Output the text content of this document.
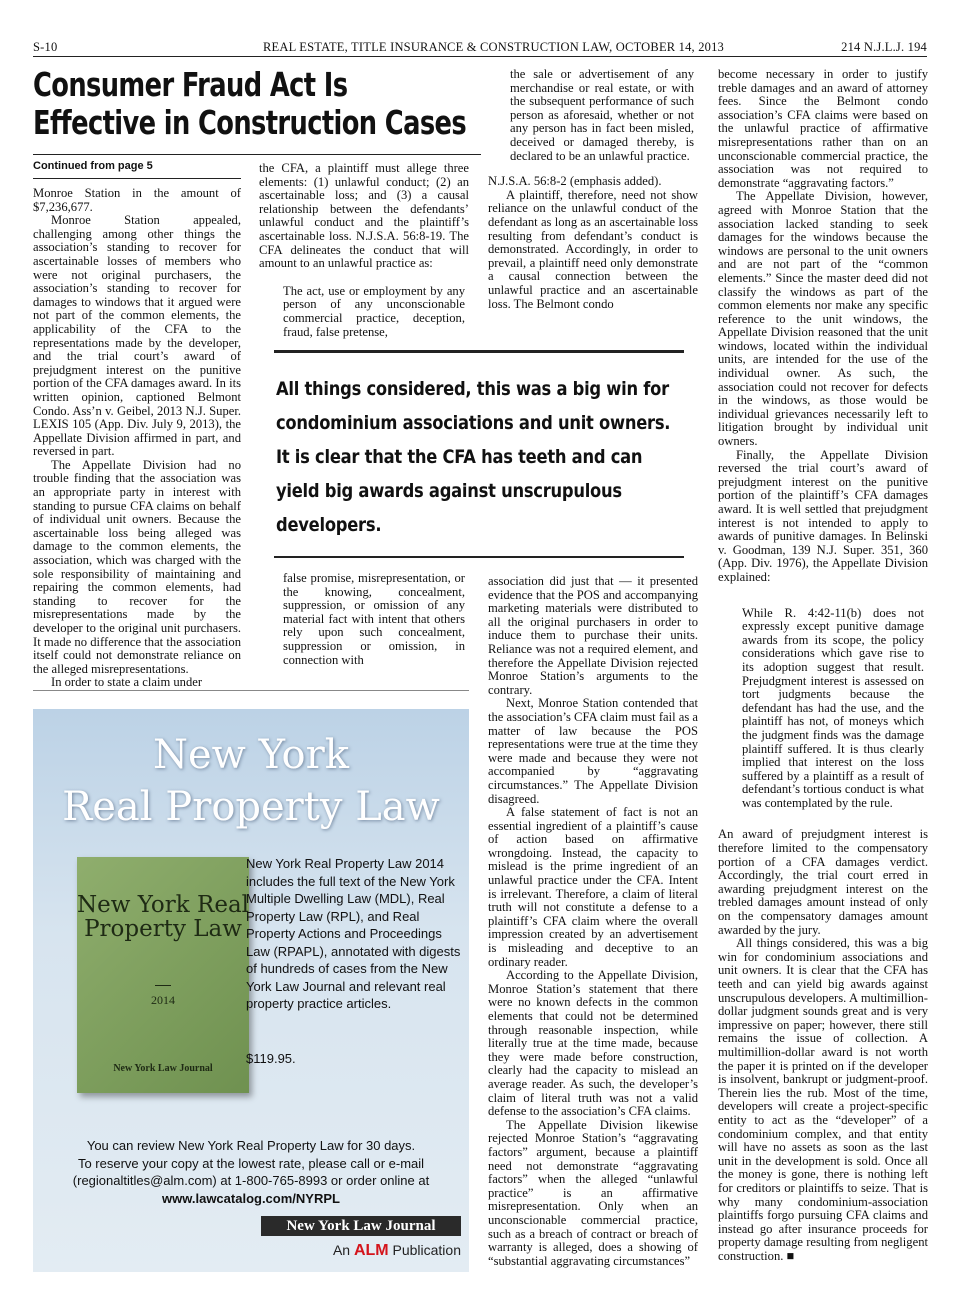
S-10	REAL ESTATE, TITLE INSURANCE & CONSTRUCTION LAW, OCTOBER 14, 2013	214 N.J.L.J. 194
Consumer Fraud Act Is
Effective in Construction Cases
Continued from page 5

Monroe Station in the amount of $7,236,677.

Monroe Station appealed, challenging among other things the association’s standing to recover for ascertainable losses of members who were not original purchasers, the association’s standing to recover for damages to windows that it argued were not part of the common elements, the applicability of the CFA to the representations made by the developer, and the trial court’s award of prejudgment interest on the punitive portion of the CFA damages award. In its written opinion, captioned Belmont Condo. Ass’n v. Geibel, 2013 N.J. Super. LEXIS 105 (App. Div. July 9, 2013), the Appellate Division affirmed in part, and reversed in part.

The Appellate Division had no trouble finding that the association was an appropriate party in interest with standing to pursue CFA claims on behalf of individual unit owners. Because the ascertainable loss being alleged was damage to the common elements, the association, which was charged with the sole responsibility of maintaining and repairing the common elements, had standing to recover for the misrepresentations made by the developer to the original unit purchasers. It made no difference that the association itself could not demonstrate reliance on the alleged misrepresentations.

In order to state a claim under

the CFA, a plaintiff must allege three elements: (1) unlawful conduct; (2) an ascertainable loss; and (3) a causal relationship between the defendants’ unlawful conduct and the plaintiff’s ascertainable loss. N.J.S.A. 56:8-19. The CFA delineates the conduct that will amount to an unlawful practice as:

The act, use or employment by any person of any unconscionable commercial practice, deception, fraud, false pretense,

the sale or advertisement of any merchandise or real estate, or with the subsequent performance of such person as aforesaid, whether or not any person has in fact been misled, deceived or damaged thereby, is declared to be an unlawful practice.

N.J.S.A. 56:8-2 (emphasis added).

A plaintiff, therefore, need not show reliance on the unlawful conduct of the defendant as long as an ascertainable loss resulting from defendant’s conduct is demonstrated. Accordingly, in order to prevail, a plaintiff need only demonstrate a causal connection between the unlawful practice and an ascertainable loss. The Belmont condo

All things considered, this was a big win for condominium associations and unit owners. It is clear that the CFA has teeth and can yield big awards against unscrupulous developers.

false promise, misrepresentation, or the knowing, concealment, suppression, or omission of any material fact with intent that others rely upon such concealment, suppression or omission, in connection with

association did just that — it presented evidence that the POS and accompanying marketing materials were distributed to all the original purchasers in order to induce them to purchase their units. Reliance was not a required element, and therefore the Appellate Division rejected Monroe Station’s arguments to the contrary.

Next, Monroe Station contended that the association’s CFA claim must fail as a matter of law because the POS representations were true at the time they were made and because they were not accompanied by “aggravating circumstances.” The Appellate Division disagreed.

A false statement of fact is not an essential ingredient of a plaintiff’s cause of action based on affirmative wrongdoing. Instead, the capacity to mislead is the prime ingredient of an unlawful practice under the CFA. Intent is irrelevant. Therefore, a claim of literal truth will not constitute a defense to a plaintiff’s CFA claim where the overall impression created by an advertisement is misleading and deceptive to an ordinary reader.

According to the Appellate Division, Monroe Station’s statement that there were no known defects in the common elements that could not be determined through reasonable inspection, while literally true at the time made, because they were made before construction, clearly had the capacity to mislead an average reader. As such, the developer’s claim of literal truth was not a valid defense to the association’s CFA claims.

The Appellate Division likewise rejected Monroe Station’s “aggravating factors” argument, because a plaintiff need not demonstrate “aggravating factors” when the alleged “unlawful practice” is an affirmative misrepresentation. Only when an unconscionable commercial practice, such as a breach of contract or breach of warranty is alleged, does a showing of “substantial aggravating circumstances”

become necessary in order to justify treble damages and an award of attorney fees. Since the Belmont condo association’s CFA claims were based on the unlawful practice of affirmative misrepresentations rather than on an unconscionable commercial practice, the association was not required to demonstrate “aggravating factors.”

The Appellate Division, however, agreed with Monroe Station that the association lacked standing to seek damages for the windows because the windows are personal to the unit owners and are not part of the “common elements.” Since the master deed did not classify the windows as part of the common elements nor make any specific reference to the unit windows, the Appellate Division reasoned that the unit windows, located within the individual units, are intended for the use of the individual owner. As such, the association could not recover for defects in the windows, as those would be individual grievances necessarily left to litigation brought by individual unit owners.

Finally, the Appellate Division reversed the trial court’s award of prejudgment interest on the punitive portion of the plaintiff’s CFA damages award. It is well settled that prejudgment interest is not intended to apply to awards of punitive damages. In Belinski v. Goodman, 139 N.J. Super. 351, 360 (App. Div. 1976), the Appellate Division explained:

While R. 4:42-11(b) does not expressly except punitive damage awards from its scope, the policy considerations which gave rise to its adoption suggest that result. Prejudgment interest is assessed on tort judgments because the defendant has had the use, and the plaintiff has not, of moneys which the judgment finds was the damage plaintiff suffered. It is thus clearly implied that interest on the loss suffered by a plaintiff as a result of defendant’s tortious conduct is what was contemplated by the rule.

An award of prejudgment interest is therefore limited to the compensatory portion of a CFA damages verdict. Accordingly, the trial court erred in awarding prejudgment interest on the trebled damages amount instead of only on the compensatory damages amount awarded by the jury.

All things considered, this was a big win for condominium associations and unit owners. It is clear that the CFA has teeth and can yield big awards against unscrupulous developers. A multimillion-dollar judgment sounds great and is very impressive on paper; however, there still remains the issue of collection. A multimillion-dollar award is not worth the paper it is printed on if the developer is insolvent, bankrupt or judgment-proof. Therein lies the rub. Most of the time, developers will create a project-specific entity to act as the “developer” of a condominium complex, and that entity will have no assets as soon as the last unit in the development is sold. Once all the money is gone, there is nothing left for creditors or plaintiffs to seize. That is why many condominium-association plaintiffs forgo pursuing CFA claims and instead go after insurance proceeds for property damage resulting from negligent construction. ■

New York
Real Property Law
New York Real Property Law
2014
New York Law Journal
New York Real Property Law 2014 includes the full text of the New York Multiple Dwelling Law (MDL), Real Property Law (RPL), and Real Property Actions and Proceedings Law (RPAPL), annotated with digests of hundreds of cases from the New York Law Journal and relevant real property practice articles.
$119.95.
You can review New York Real Property Law for 30 days.
To reserve your copy at the lowest rate, please call or e-mail
(regionaltitles@alm.com) at 1-800-765-8993 or order online at
www.lawcatalog.com/NYRPL
New York Law Journal
An ALM Publication
